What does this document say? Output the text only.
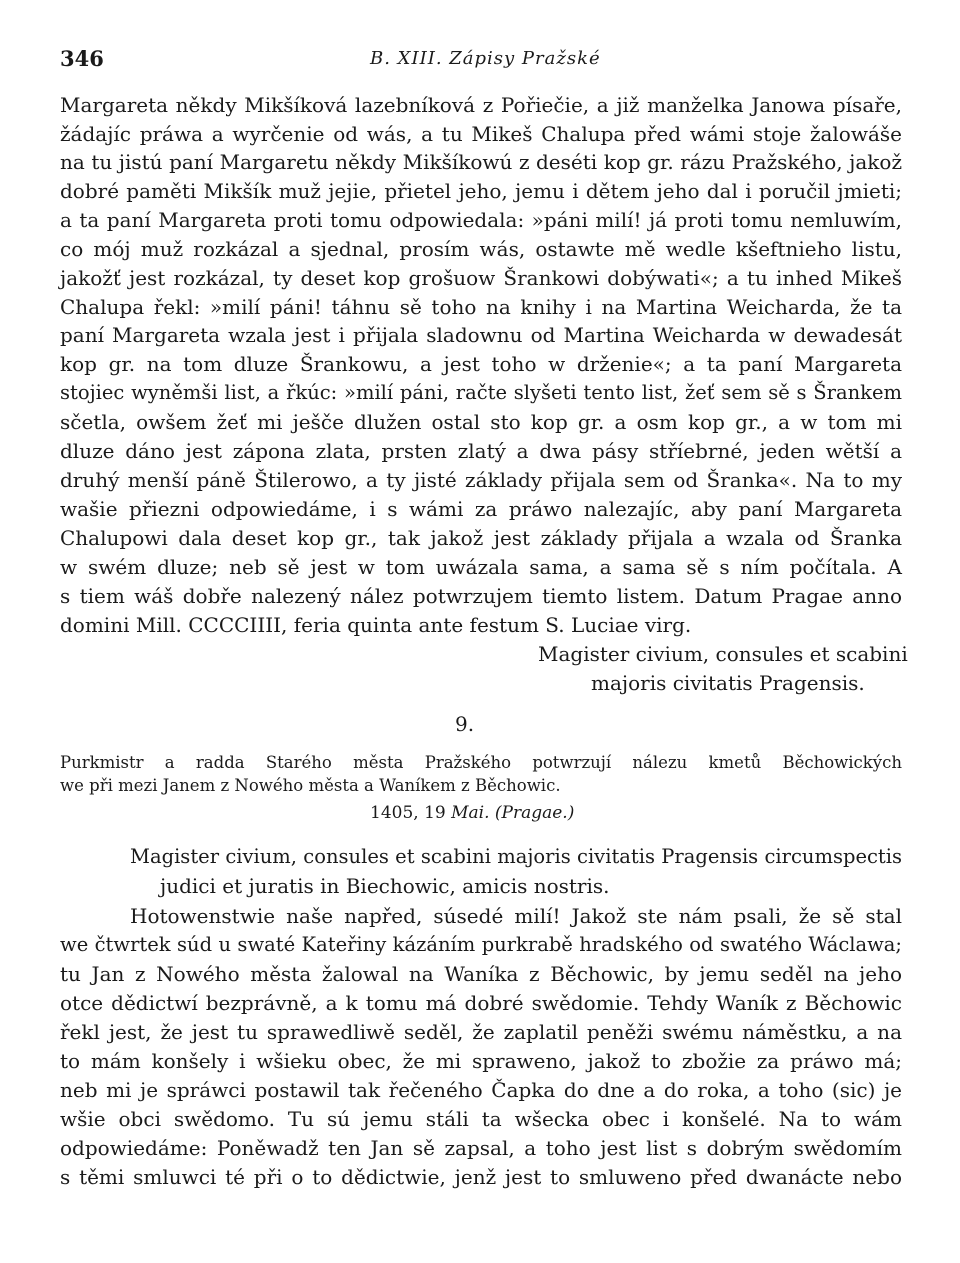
346	B. XIII. Zápisy Pražské
Margareta někdy Mikšíková lazebníková z Pořiečie, a již manželka Janowa písaře,
žádajíc práwa a wyrčenie od wás, a tu Mikeš Chalupa před wámi stoje žalowáše
na tu jistú paní Margaretu někdy Mikšíkowú z deséti kop gr. rázu Pražského, jakož
dobré paměti Mikšík muž jejie, přietel jeho, jemu i dětem jeho dal i poručil jmieti;
a ta paní Margareta proti tomu odpowiedala: »páni milí! já proti tomu nemluwím,
co mój muž rozkázal a sjednal, prosím wás, ostawte mě wedle kšeftnieho listu,
jakožť jest rozkázal, ty deset kop grošuow Šrankowi dobýwati«; a tu inhed Mikeš
Chalupa řekl: »milí páni! táhnu sě toho na knihy i na Martina Weicharda, že ta
paní Margareta wzala jest i přijala sladownu od Martina Weicharda w dewadesát
kop gr. na tom dluze Šrankowu, a jest toho w drženie«; a ta paní Margareta
stojiec wyněmši list, a řkúc: »milí páni, račte slyšeti tento list, žeť sem sě s Šrankem
sčetla, owšem žeť mi ješče dlužen ostal sto kop gr. a osm kop gr., a w tom mi
dluze dáno jest zápona zlata, prsten zlatý a dwa pásy stříebrné, jeden wětší a
druhý menší páně Štilerowo, a ty jisté základy přijala sem od Šranka«. Na to my
wašie přiezni odpowiedáme, i s wámi za práwo nalezajíc, aby paní Margareta
Chalupowi dala deset kop gr., tak jakož jest základy přijala a wzala od Šranka
w swém dluze; neb sě jest w tom uwázala sama, a sama sě s ním počítala. A
s tiem wáš dobře nalezený nález potwrzujem tiemto listem. Datum Pragae anno
domini Mill. CCCCIIII, feria quinta ante festum S. Luciae virg.
Magister civium, consules et scabini
majoris civitatis Pragensis.
9.
Purkmistr a radda Starého města Pražského potwrzují nálezu kmetů Běchowických
we při mezi Janem z Nowého města a Waníkem z Běchowic.
1405, 19 Mai. (Pragae.)
Magister civium, consules et scabini majoris civitatis Pragensis circumspectis
judici et juratis in Biechowic, amicis nostris.
Hotowenstwie naše napřed, súsedé milí! Jakož ste nám psali, že sě stal
we čtwrtek súd u swaté Kateřiny kázáním purkrabě hradského od swatého Wáclawa;
tu Jan z Nowého města žalowal na Waníka z Běchowic, by jemu seděl na jeho
otce dědictwí bezprávně, a k tomu má dobré swědomie. Tehdy Waník z Běchowic
řekl jest, že jest tu sprawedliwě seděl, že zaplatil peněži swému náměstku, a na
to mám konšely i wšieku obec, že mi spraweno, jakož to zbožie za práwo má;
neb mi je spráwci postawil tak řečeného Čapka do dne a do roka, a toho (sic) je
wšie obci swědomo. Tu sú jemu stáli ta wšecka obec i konšelé. Na to wám
odpowiedáme: Poněwadž ten Jan sě zapsal, a toho jest list s dobrým swědomím
s těmi smluwci té při o to dědictwie, jenž jest to smluweno před dwanácte nebo
